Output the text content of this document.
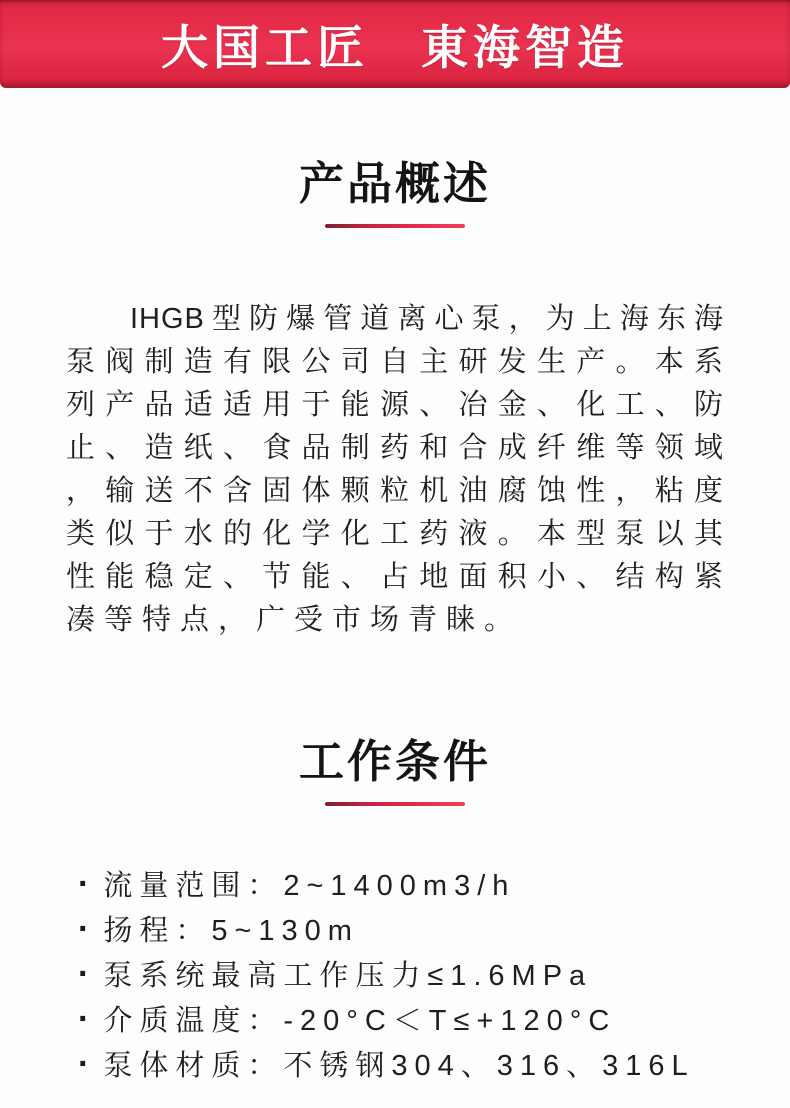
大国工匠　東海智造
产品概述
IHGB型防爆管道离心泵，为上海东海
泵阀制造有限公司自主研发生产。本系
列产品适适用于能源、冶金、化工、防
止、造纸、食品制药和合成纤维等领域
，输送不含固体颗粒机油腐蚀性，粘度
类似于水的化学化工药液。本型泵以其
性能稳定、节能、占地面积小、结构紧
凑等特点，广受市场青睐。
工作条件
· 流量范围：2~1400m3/h
· 扬程：5~130m
· 泵系统最高工作压力≤1.6MPa
· 介质温度：-20°C＜T≤+120°C
· 泵体材质：不锈钢304、316、316L
